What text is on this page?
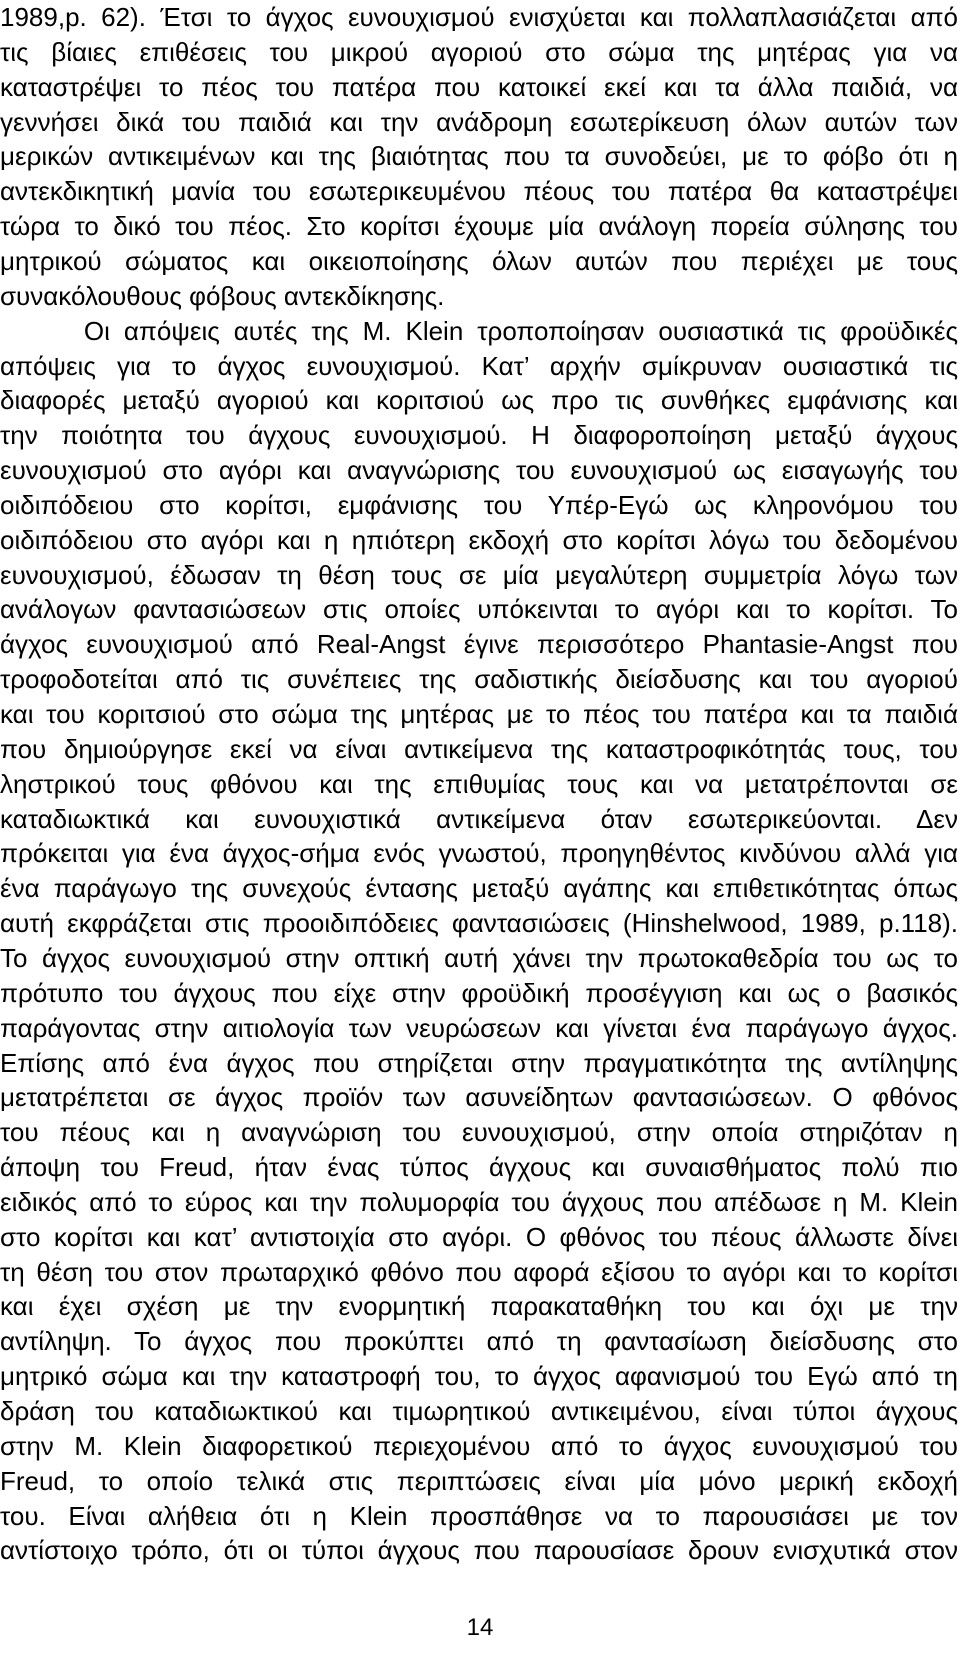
1989,p. 62). Έτσι το άγχος ευνουχισμού ενισχύεται και πολλαπλασιάζεται από
τις βίαιες επιθέσεις του μικρού αγοριού στο σώμα της μητέρας για να
καταστρέψει το πέος του πατέρα που κατοικεί εκεί και τα άλλα παιδιά, να
γεννήσει δικά του παιδιά και την ανάδρομη εσωτερίκευση όλων αυτών των
μερικών αντικειμένων και της βιαιότητας που τα συνοδεύει, με το φόβο ότι η
αντεκδικητική μανία του εσωτερικευμένου πέους του πατέρα θα καταστρέψει
τώρα το δικό του πέος. Στο κορίτσι έχουμε μία ανάλογη πορεία σύλησης του
μητρικού σώματος και οικειοποίησης όλων αυτών που περιέχει με τους
συνακόλουθους φόβους αντεκδίκησης.
Οι απόψεις αυτές της M. Klein τροποποίησαν ουσιαστικά τις φροϋδικές
απόψεις για το άγχος ευνουχισμού. Κατ’ αρχήν σμίκρυναν ουσιαστικά τις
διαφορές μεταξύ αγοριού και κοριτσιού ως προ τις συνθήκες εμφάνισης και
την ποιότητα του άγχους ευνουχισμού. Η διαφοροποίηση μεταξύ άγχους
ευνουχισμού στο αγόρι και αναγνώρισης του ευνουχισμού ως εισαγωγής του
οιδιπόδειου στο κορίτσι, εμφάνισης του Υπέρ-Εγώ ως κληρονόμου του
οιδιπόδειου στο αγόρι και η ηπιότερη εκδοχή στο κορίτσι λόγω του δεδομένου
ευνουχισμού, έδωσαν τη θέση τους σε μία μεγαλύτερη συμμετρία λόγω των
ανάλογων φαντασιώσεων στις οποίες υπόκεινται το αγόρι και το κορίτσι. Το
άγχος ευνουχισμού από Real-Angst έγινε περισσότερο Phantasie-Angst που
τροφοδοτείται από τις συνέπειες της σαδιστικής διείσδυσης και του αγοριού
και του κοριτσιού στο σώμα της μητέρας με το πέος του πατέρα και τα παιδιά
που δημιούργησε εκεί να είναι αντικείμενα της καταστροφικότητάς τους, του
ληστρικού τους φθόνου και της επιθυμίας τους και να μετατρέπονται σε
καταδιωκτικά και ευνουχιστικά αντικείμενα όταν εσωτερικεύονται. Δεν
πρόκειται για ένα άγχος-σήμα ενός γνωστού, προηγηθέντος κινδύνου αλλά για
ένα παράγωγο της συνεχούς έντασης μεταξύ αγάπης και επιθετικότητας όπως
αυτή εκφράζεται στις προοιδιπόδειες φαντασιώσεις (Hinshelwood, 1989, p.118).
Το άγχος ευνουχισμού στην οπτική αυτή χάνει την πρωτοκαθεδρία του ως το
πρότυπο του άγχους που είχε στην φροϋδική προσέγγιση και ως ο βασικός
παράγοντας στην αιτιολογία των νευρώσεων και γίνεται ένα παράγωγο άγχος.
Επίσης από ένα άγχος που στηρίζεται στην πραγματικότητα της αντίληψης
μετατρέπεται σε άγχος προϊόν των ασυνείδητων φαντασιώσεων. Ο φθόνος
του πέους και η αναγνώριση του ευνουχισμού, στην οποία στηριζόταν η
άποψη του Freud, ήταν ένας τύπος άγχους και συναισθήματος πολύ πιο
ειδικός από το εύρος και την πολυμορφία του άγχους που απέδωσε η M. Klein
στο κορίτσι και κατ’ αντιστοιχία στο αγόρι. Ο φθόνος του πέους άλλωστε δίνει
τη θέση του στον πρωταρχικό φθόνο που αφορά εξίσου το αγόρι και το κορίτσι
και έχει σχέση με την ενορμητική παρακαταθήκη του και όχι με την
αντίληψη. Το άγχος που προκύπτει από τη φαντασίωση διείσδυσης στο
μητρικό σώμα και την καταστροφή του, το άγχος αφανισμού του Εγώ από τη
δράση του καταδιωκτικού και τιμωρητικού αντικειμένου, είναι τύποι άγχους
στην M. Klein διαφορετικού περιεχομένου από το άγχος ευνουχισμού του
Freud, το οποίο τελικά στις περιπτώσεις είναι μία μόνο μερική εκδοχή
του. Είναι αλήθεια ότι η Klein προσπάθησε να το παρουσιάσει με τον
αντίστοιχο τρόπο, ότι οι τύποι άγχους που παρουσίασε δρουν ενισχυτικά στον
14
